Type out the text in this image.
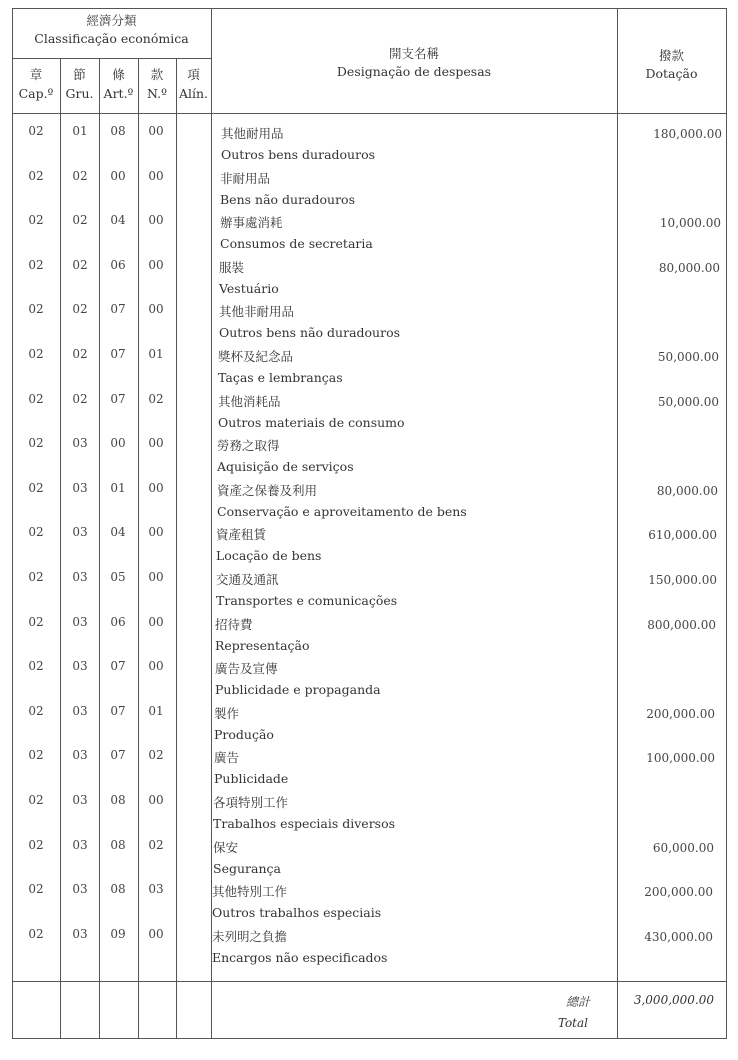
經濟分類
Classificação económica
章
Cap.º
節
Gru.
條
Art.º
款
N.º
項
Alín.
開支名稱
Designação de despesas
撥款
Dotação
02	01	08	00	其他耐用品
Outros bens duradouros
180,000.00
02	02	00	00	非耐用品
Bens não duradouros
02	02	04	00	辦事處消耗
Consumos de secretaria
10,000.00
02	02	06	00	服裝
Vestuário
80,000.00
02	02	07	00	其他非耐用品
Outros bens não duradouros
02	02	07	01	獎杯及紀念品
Taças e lembranças
50,000.00
02	02	07	02	其他消耗品
Outros materiais de consumo
50,000.00
02	03	00	00	勞務之取得
Aquisição de serviços
02	03	01	00	資產之保養及利用
Conservação e aproveitamento de bens
80,000.00
02	03	04	00	資產租賃
Locação de bens
610,000.00
02	03	05	00	交通及通訊
Transportes e comunicações
150,000.00
02	03	06	00	招待費
Representação
800,000.00
02	03	07	00	廣告及宣傳
Publicidade e propaganda
02	03	07	01	製作
Produção
200,000.00
02	03	07	02	廣告
Publicidade
100,000.00
02	03	08	00	各項特別工作
Trabalhos especiais diversos
02	03	08	02	保安
Segurança
60,000.00
02	03	08	03	其他特別工作
Outros trabalhos especiais
200,000.00
02	03	09	00	未列明之負擔
Encargos não especificados
430,000.00
總計
Total
3,000,000.00
